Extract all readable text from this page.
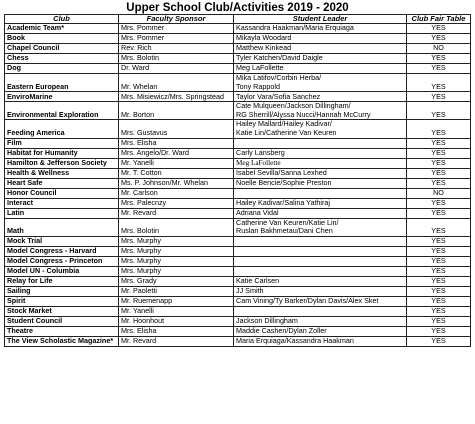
Upper School Club/Activities 2019 - 2020
Club	Faculty Sponsor	Student Leader	Club Fair Table
Academic Team*	Mrs. Pommer	Kassandra Haakman/Maria Erquiaga	YES
Book	Mrs. Pommer	Mikayla Woodard	YES
Chapel Council	Rev. Rich	Matthew Kinkead	NO
Chess	Mrs. Bolotin	Tyler Katchen/David Daigle	YES
Dog	Dr. Ward	Meg LaFollette	YES
Eastern European	Mr. Whelan	Mika Latifov/Corbin Herba/
Tony Rappold	YES
EnviroMarine	Mrs. Misiewicz/Mrs. Springstead	Taylor Vara/Sofia Sanchez	YES
Environmental Exploration	Mr. Borton	Cate Mulqueen/Jackson Dillingham/
RG Sherrill/Alyssa Nucci/Hannah McCurry	YES
Feeding America	Mrs. Gustavus	Hailey Mallard/Hailey Kadivar/
Katie Lin/Catherine Van Keuren	YES
Film	Mrs. Elisha		YES
Habitat for Humanity	Mrs. Angelo/Dr. Ward	Carly Lansberg	YES
Hamilton & Jefferson Society	Mr. Yanelli	Meg LaFollette	YES
Health & Wellness	Mr. T. Cotton	Isabel Sevilla/Sanna Lexhed	YES
Heart Safe	Ms. P. Johnson/Mr. Whelan	Noelle Bencie/Sophie Preston	YES
Honor Council	Mr. Carlson		NO
Interact	Mrs. Palecnzy	Hailey Kadivar/Salina Yathiraj	YES
Latin	Mr. Revard	Adriana Vidal	YES
Math	Mrs. Bolotin	Catherine Van Keuren/Katie Lin/
Ruslan Bakhmetau/Dani Chen	YES
Mock Trial	Mrs. Murphy		YES
Model Congress - Harvard	Mrs. Murphy		YES
Model Congress - Princeton	Mrs. Murphy		YES
Model UN - Columbia	Mrs. Murphy		YES
Relay for Life	Mrs. Grady	Katie Carlsen	YES
Sailing	Mr. Paoletti	JJ Smith	YES
Spirit	Mr. Ruemenapp	Cam Vining/Ty Barker/Dylan Davis/Alex Sket	YES
Stock Market	Mr. Yanelli		YES
Student Council	Mr. Hoonhout	Jackson Dillingham	YES
Theatre	Mrs. Elisha	Maddie Cashen/Dylan Zoller	YES
The View Scholastic Magazine*	Mr. Revard	Maria Erquiaga/Kassandra Haakman	YES
